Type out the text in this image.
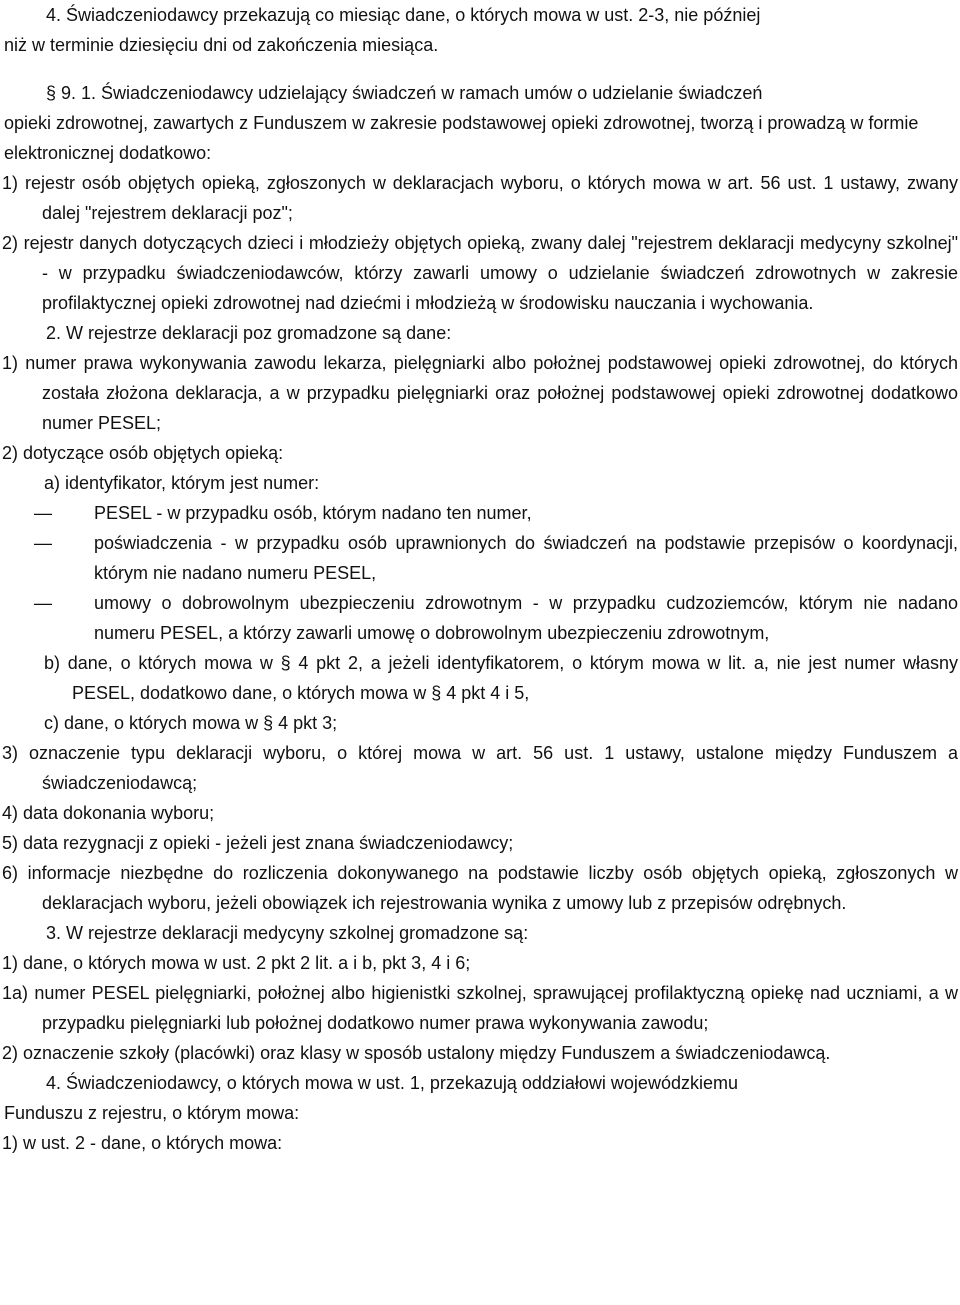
4. Świadczeniodawcy przekazują co miesiąc dane, o których mowa w ust. 2-3, nie później
niż w terminie dziesięciu dni od zakończenia miesiąca.
§ 9. 1. Świadczeniodawcy udzielający świadczeń w ramach umów o udzielanie świadczeń
opieki zdrowotnej, zawartych z Funduszem w zakresie podstawowej opieki zdrowotnej, tworzą i prowadzą w formie elektronicznej dodatkowo:
1) rejestr osób objętych opieką, zgłoszonych w deklaracjach wyboru, o których mowa w art. 56 ust. 1 ustawy, zwany dalej "rejestrem deklaracji poz";
2) rejestr danych dotyczących dzieci i młodzieży objętych opieką, zwany dalej "rejestrem deklaracji medycyny szkolnej" - w przypadku świadczeniodawców, którzy zawarli umowy o udzielanie świadczeń zdrowotnych w zakresie profilaktycznej opieki zdrowotnej nad dziećmi i młodzieżą w środowisku nauczania i wychowania.
2. W rejestrze deklaracji poz gromadzone są dane:
1) numer prawa wykonywania zawodu lekarza, pielęgniarki albo położnej podstawowej opieki zdrowotnej, do których została złożona deklaracja, a w przypadku pielęgniarki oraz położnej podstawowej opieki zdrowotnej dodatkowo numer PESEL;
2) dotyczące osób objętych opieką:
a) identyfikator, którym jest numer:
— PESEL - w przypadku osób, którym nadano ten numer,
— poświadczenia - w przypadku osób uprawnionych do świadczeń na podstawie przepisów o koordynacji, którym nie nadano numeru PESEL,
— umowy o dobrowolnym ubezpieczeniu zdrowotnym - w przypadku cudzoziemców, którym nie nadano numeru PESEL, a którzy zawarli umowę o dobrowolnym ubezpieczeniu zdrowotnym,
b) dane, o których mowa w § 4 pkt 2, a jeżeli identyfikatorem, o którym mowa w lit. a, nie jest numer własny PESEL, dodatkowo dane, o których mowa w § 4 pkt 4 i 5,
c) dane, o których mowa w § 4 pkt 3;
3) oznaczenie typu deklaracji wyboru, o której mowa w art. 56 ust. 1 ustawy, ustalone między Funduszem a świadczeniodawcą;
4) data dokonania wyboru;
5) data rezygnacji z opieki - jeżeli jest znana świadczeniodawcy;
6) informacje niezbędne do rozliczenia dokonywanego na podstawie liczby osób objętych opieką, zgłoszonych w deklaracjach wyboru, jeżeli obowiązek ich rejestrowania wynika z umowy lub z przepisów odrębnych.
3. W rejestrze deklaracji medycyny szkolnej gromadzone są:
1) dane, o których mowa w ust. 2 pkt 2 lit. a i b, pkt 3, 4 i 6;
1a) numer PESEL pielęgniarki, położnej albo higienistki szkolnej, sprawującej profilaktyczną opiekę nad uczniami, a w przypadku pielęgniarki lub położnej dodatkowo numer prawa wykonywania zawodu;
2) oznaczenie szkoły (placówki) oraz klasy w sposób ustalony między Funduszem a świadczeniodawcą.
4. Świadczeniodawcy, o których mowa w ust. 1, przekazują oddziałowi wojewódzkiemu
Funduszu z rejestru, o którym mowa:
1) w ust. 2 - dane, o których mowa:
